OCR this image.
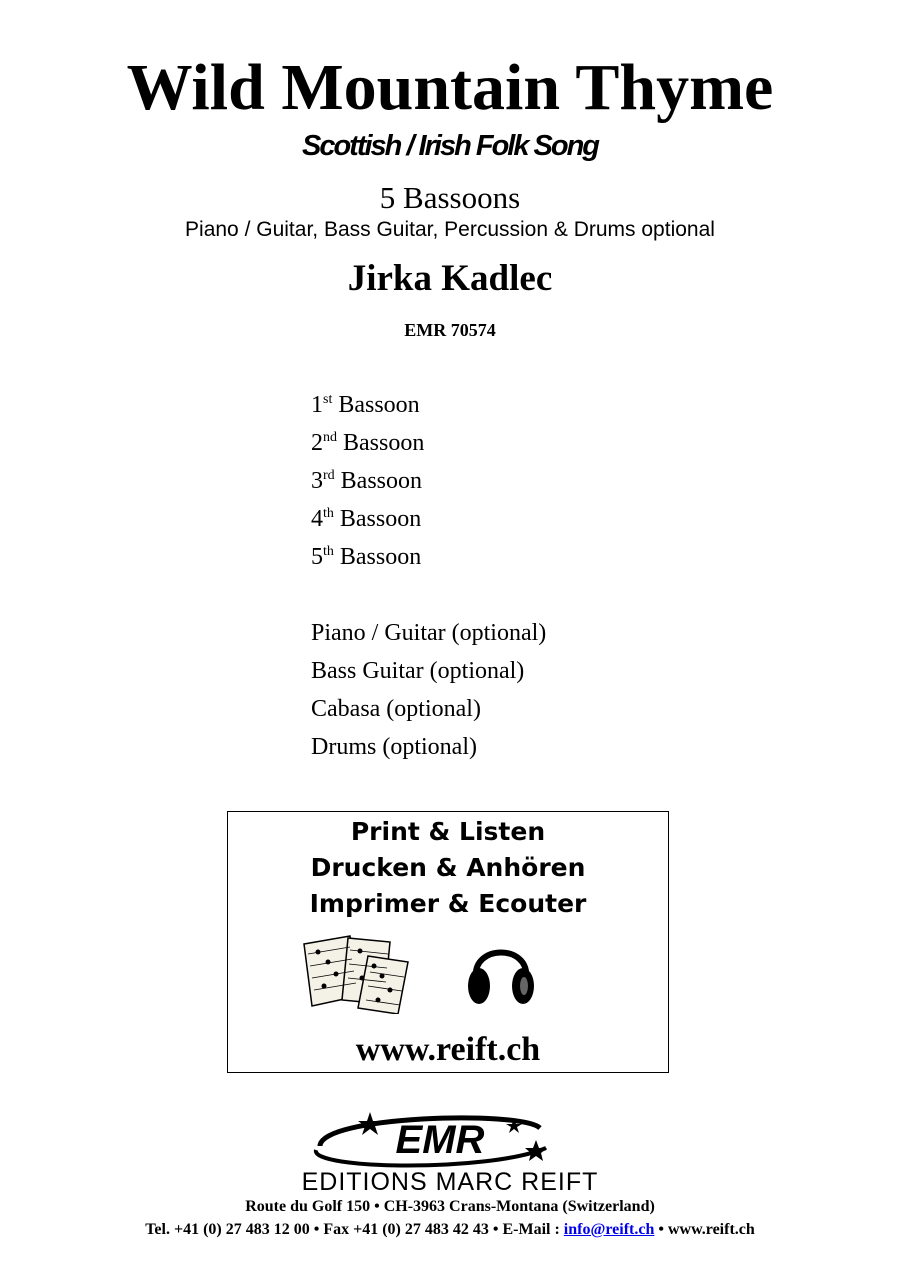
Wild Mountain Thyme
Scottish / Irish Folk Song
5 Bassoons
Piano / Guitar, Bass Guitar, Percussion & Drums optional
Jirka Kadlec
EMR 70574
1st Bassoon
2nd Bassoon
3rd Bassoon
4th Bassoon
5th Bassoon
Piano / Guitar (optional)
Bass Guitar (optional)
Cabasa (optional)
Drums (optional)
Print & Listen
Drucken & Anhören
Imprimer & Ecouter
www.reift.ch
EMR
EDITIONS MARC REIFT
Route du Golf 150 • CH-3963 Crans-Montana (Switzerland)
Tel. +41 (0) 27 483 12 00 • Fax +41 (0) 27 483 42 43 • E-Mail : info@reift.ch • www.reift.ch
